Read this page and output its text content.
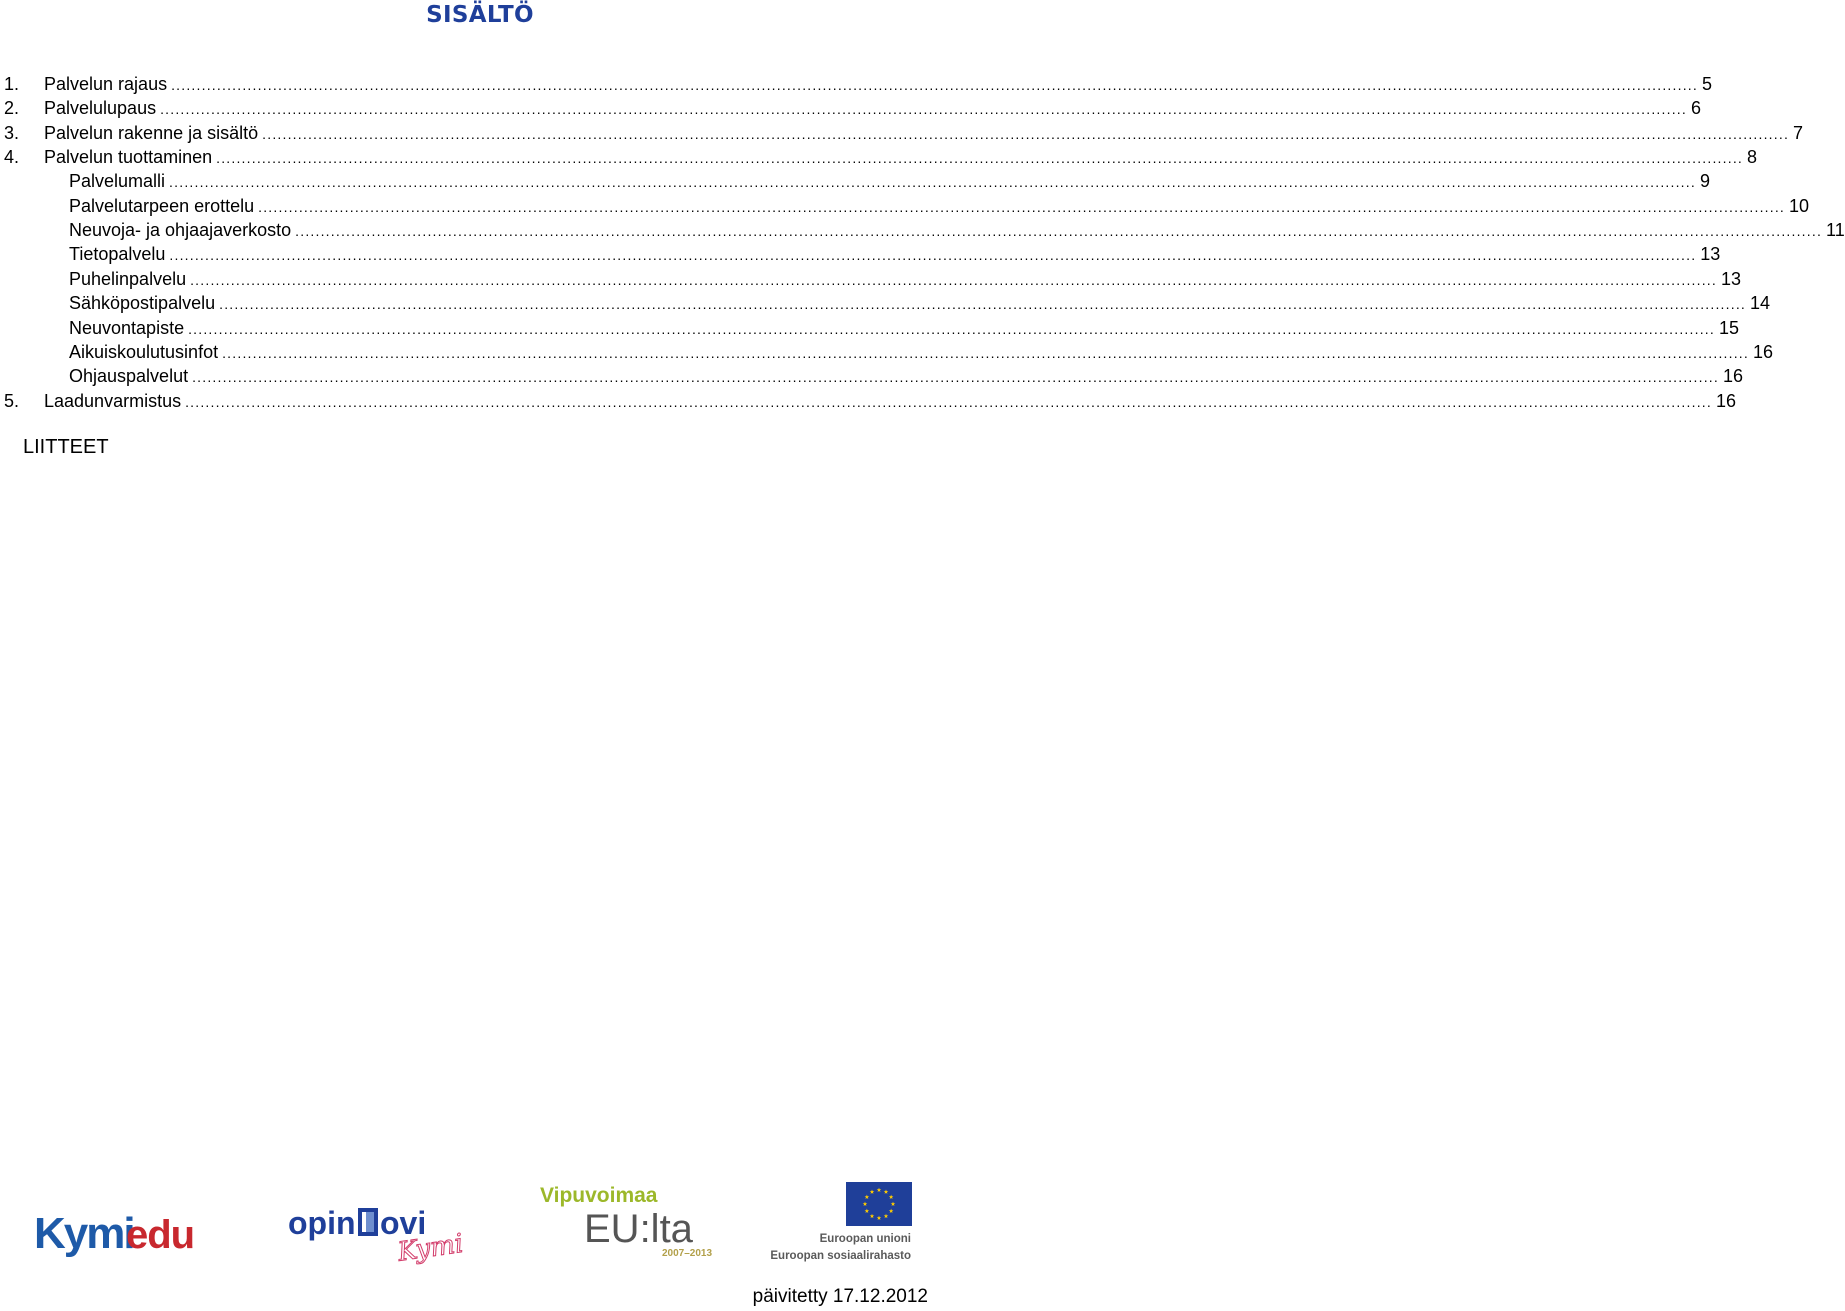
SISÄLTÖ
1. Palvelun rajaus ............................................................................................................................................................................................................................................................................................................ 5
2. Palvelulupaus ............................................................................................................................................................................................................................................................................................................ 6
3. Palvelun rakenne ja sisältö ............................................................................................................................................................................................................................................................................................................ 7
4. Palvelun tuottaminen ............................................................................................................................................................................................................................................................................................................ 8
Palvelumalli ............................................................................................................................................................................................................................................................................................................ 9
Palvelutarpeen erottelu ............................................................................................................................................................................................................................................................................................................ 10
Neuvoja- ja ohjaajaverkosto ............................................................................................................................................................................................................................................................................................................ 11
Tietopalvelu ............................................................................................................................................................................................................................................................................................................ 13
Puhelinpalvelu ............................................................................................................................................................................................................................................................................................................ 13
Sähköpostipalvelu ............................................................................................................................................................................................................................................................................................................ 14
Neuvontapiste ............................................................................................................................................................................................................................................................................................................ 15
Aikuiskoulutusinfot ............................................................................................................................................................................................................................................................................................................ 16
Ohjauspalvelut ............................................................................................................................................................................................................................................................................................................ 16
5. Laadunvarmistus ............................................................................................................................................................................................................................................................................................................ 16
LIITTEET
Kymi
edu	opin ovi
Kymi
Vipuvoimaa
EU:lta
2007–2013
Euroopan unioni
Euroopan sosiaalirahasto
päivitetty 17.12.2012
